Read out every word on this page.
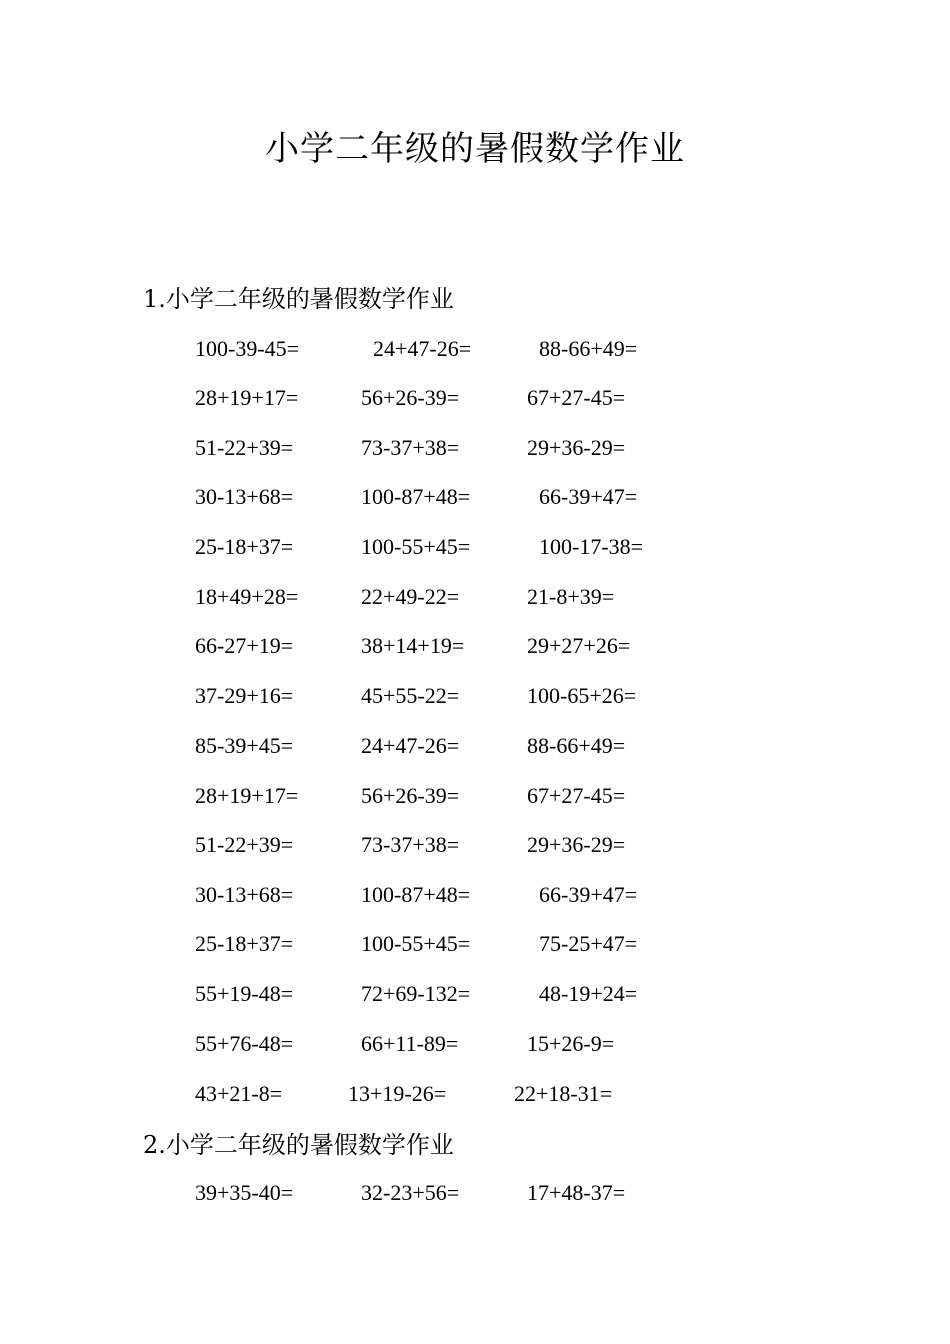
小学二年级的暑假数学作业
1.小学二年级的暑假数学作业
100-39-45=	24+47-26=	88-66+49=
28+19+17=	56+26-39=	67+27-45=
51-22+39=	73-37+38=	29+36-29=
30-13+68=	100-87+48=	66-39+47=
25-18+37=	100-55+45=	100-17-38=
18+49+28=	22+49-22=	21-8+39=
66-27+19=	38+14+19=	29+27+26=
37-29+16=	45+55-22=	100-65+26=
85-39+45=	24+47-26=	88-66+49=
28+19+17=	56+26-39=	67+27-45=
51-22+39=	73-37+38=	29+36-29=
30-13+68=	100-87+48=	66-39+47=
25-18+37=	100-55+45=	75-25+47=
55+19-48=	72+69-132=	48-19+24=
55+76-48=	66+11-89=	15+26-9=
43+21-8=	13+19-26=	22+18-31=
2.小学二年级的暑假数学作业
39+35-40=	32-23+56=	17+48-37=
